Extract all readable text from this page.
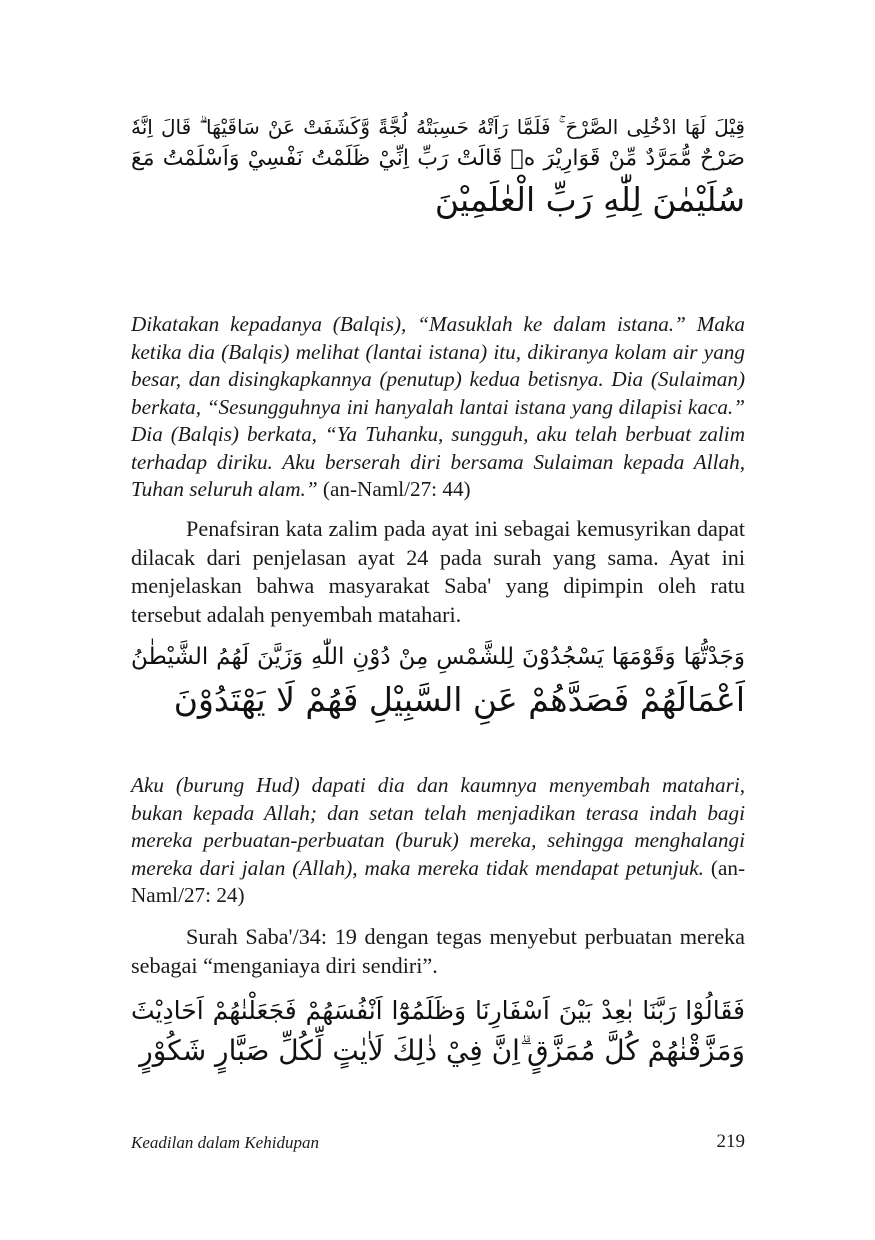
قِيْلَ لَهَا ادْخُلِى الصَّرْحَ ۚ فَلَمَّا رَاَتْهُ حَسِبَتْهُ لُجَّةً وَّكَشَفَتْ عَنْ سَاقَيْهَا ۗ قَالَ اِنَّهٗ
صَرْحٌ مُّمَرَّدٌ مِّنْ قَوَارِيْرَ ەۗ قَالَتْ رَبِّ اِنِّيْ ظَلَمْتُ نَفْسِيْ وَاَسْلَمْتُ مَعَ
سُلَيْمٰنَ لِلّٰهِ رَبِّ الْعٰلَمِيْنَ

Dikatakan kepadanya (Balqis), “Masuklah ke dalam istana.” Maka ketika dia (Balqis) melihat (lantai istana) itu, dikiranya kolam air yang besar, dan disingkapkannya (penutup) kedua betisnya. Dia (Sulaiman) berkata, “Sesungguhnya ini hanyalah lantai istana yang dilapisi kaca.” Dia (Balqis) berkata, “Ya Tuhanku, sungguh, aku telah berbuat zalim terhadap diriku. Aku berserah diri bersama Sulaiman kepada Allah, Tuhan seluruh alam.” (an-Naml/27: 44)

Penafsiran kata zalim pada ayat ini sebagai kemusyrikan dapat dilacak dari penjelasan ayat 24 pada surah yang sama. Ayat ini menjelaskan bahwa masyarakat Saba' yang dipimpin oleh ratu tersebut adalah penyembah matahari.

وَجَدْتُّهَا وَقَوْمَهَا يَسْجُدُوْنَ لِلشَّمْسِ مِنْ دُوْنِ اللّٰهِ وَزَيَّنَ لَهُمُ الشَّيْطٰنُ
اَعْمَالَهُمْ فَصَدَّهُمْ عَنِ السَّبِيْلِ فَهُمْ لَا يَهْتَدُوْنَ

Aku (burung Hud) dapati dia dan kaumnya menyembah matahari, bukan kepada Allah; dan setan telah menjadikan terasa indah bagi mereka perbuatan-perbuatan (buruk) mereka, sehingga menghalangi mereka dari jalan (Allah), maka mereka tidak mendapat petunjuk. (an-Naml/27: 24)

Surah Saba'/34: 19 dengan tegas menyebut perbuatan mereka sebagai “menganiaya diri sendiri”.

فَقَالُوْا رَبَّنَا بٰعِدْ بَيْنَ اَسْفَارِنَا وَظَلَمُوْٓا اَنْفُسَهُمْ فَجَعَلْنٰهُمْ اَحَادِيْثَ
وَمَزَّقْنٰهُمْ كُلَّ مُمَزَّقٍ ۗاِنَّ فِيْ ذٰلِكَ لَاٰيٰتٍ لِّكُلِّ صَبَّارٍ شَكُوْرٍ
Keadilan dalam Kehidupan	219
